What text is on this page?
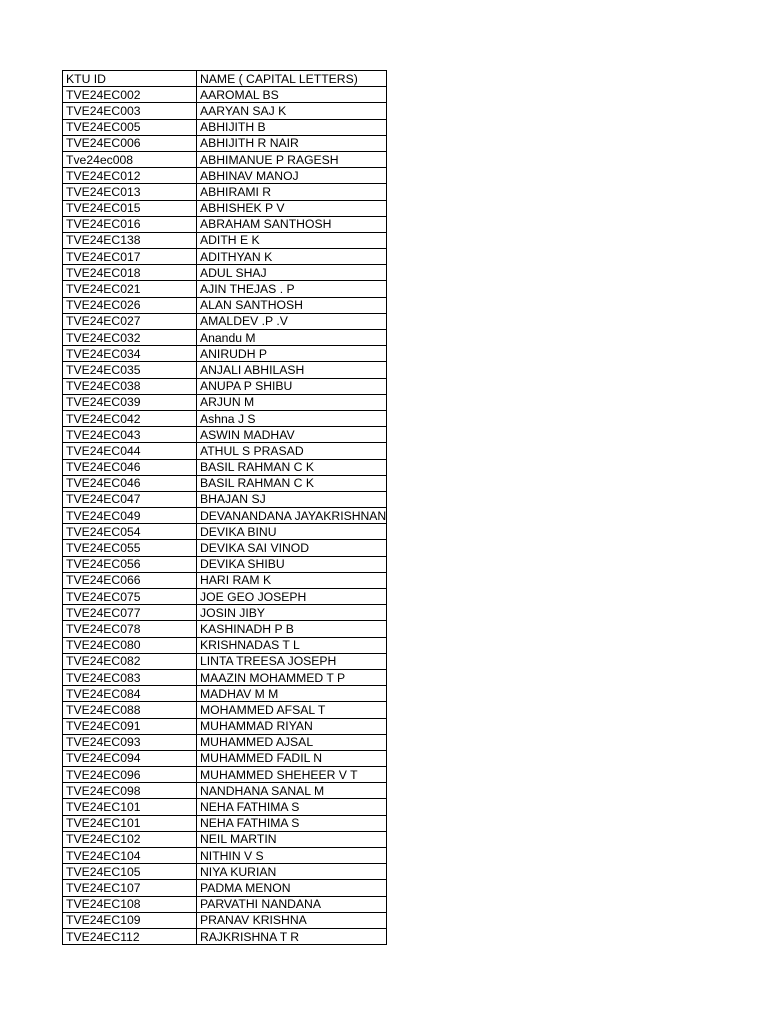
KTU ID	NAME ( CAPITAL LETTERS)
TVE24EC002	AAROMAL BS
TVE24EC003	AARYAN SAJ K
TVE24EC005	ABHIJITH B
TVE24EC006	ABHIJITH R NAIR
Tve24ec008	ABHIMANUE P RAGESH
TVE24EC012	ABHINAV MANOJ
TVE24EC013	ABHIRAMI R
TVE24EC015	ABHISHEK P V
TVE24EC016	ABRAHAM SANTHOSH
TVE24EC138	ADITH E K
TVE24EC017	ADITHYAN K
TVE24EC018	ADUL SHAJ
TVE24EC021	AJIN THEJAS . P
TVE24EC026	ALAN SANTHOSH
TVE24EC027	AMALDEV .P .V
TVE24EC032	Anandu M
TVE24EC034	ANIRUDH P
TVE24EC035	ANJALI ABHILASH
TVE24EC038	ANUPA P SHIBU
TVE24EC039	ARJUN M
TVE24EC042	Ashna J S
TVE24EC043	ASWIN MADHAV
TVE24EC044	ATHUL S PRASAD
TVE24EC046	BASIL RAHMAN C K
TVE24EC046	BASIL RAHMAN C K
TVE24EC047	BHAJAN SJ
TVE24EC049	DEVANANDANA JAYAKRISHNAN
TVE24EC054	DEVIKA BINU
TVE24EC055	DEVIKA SAI VINOD
TVE24EC056	DEVIKA SHIBU
TVE24EC066	HARI RAM K
TVE24EC075	JOE GEO JOSEPH
TVE24EC077	JOSIN JIBY
TVE24EC078	KASHINADH P B
TVE24EC080	KRISHNADAS T L
TVE24EC082	LINTA TREESA JOSEPH
TVE24EC083	MAAZIN MOHAMMED T P
TVE24EC084	MADHAV M M
TVE24EC088	MOHAMMED AFSAL T
TVE24EC091	MUHAMMAD RIYAN
TVE24EC093	MUHAMMED AJSAL
TVE24EC094	MUHAMMED FADIL N
TVE24EC096	MUHAMMED SHEHEER V T
TVE24EC098	NANDHANA SANAL M
TVE24EC101	NEHA FATHIMA S
TVE24EC101	NEHA FATHIMA S
TVE24EC102	NEIL MARTIN
TVE24EC104	NITHIN V S
TVE24EC105	NIYA KURIAN
TVE24EC107	PADMA MENON
TVE24EC108	PARVATHI NANDANA
TVE24EC109	PRANAV KRISHNA
TVE24EC112	RAJKRISHNA T R
